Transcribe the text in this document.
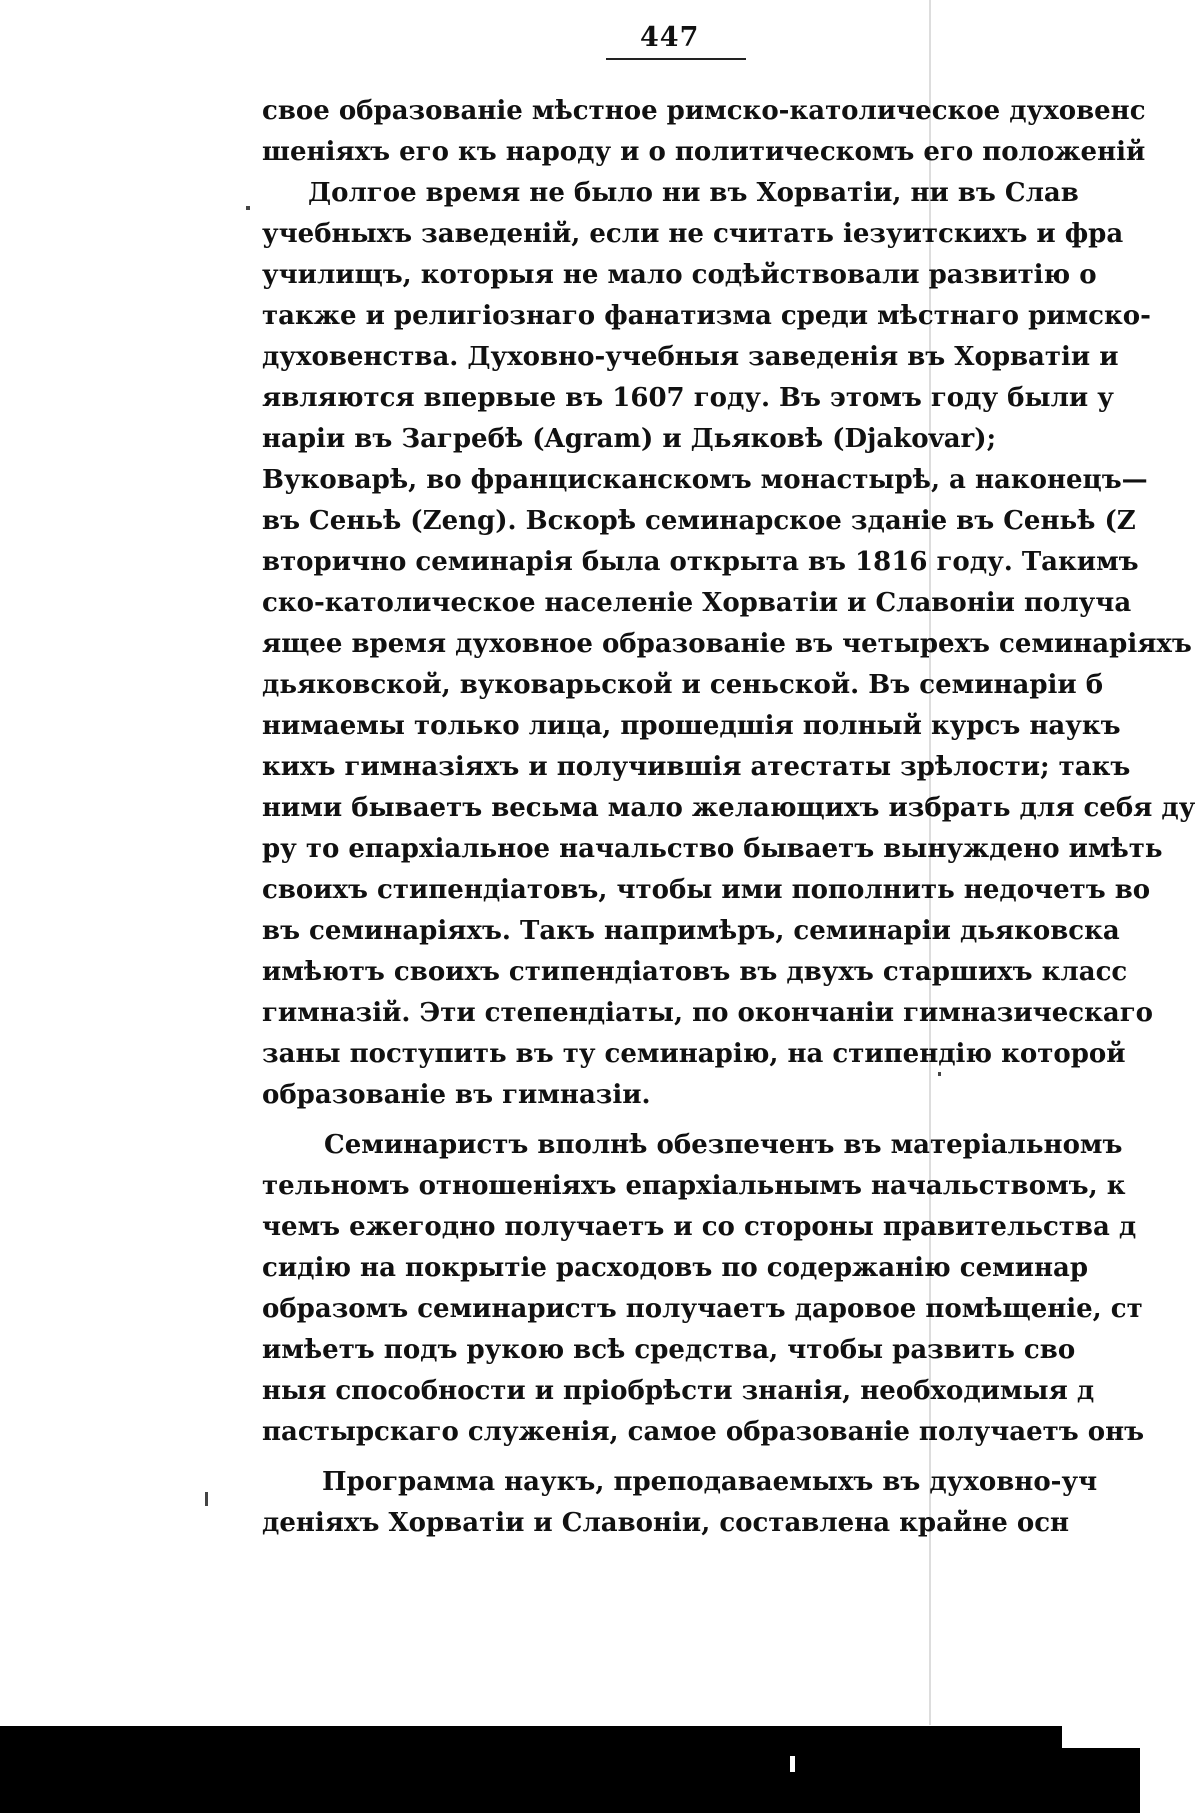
447
свое образованіе мѣстное римско-католическое духовенс
шеніяхъ его къ народу и о политическомъ его положеній
Долгое время не было ни въ Хорватіи, ни въ Слав
учебныхъ заведеній, если не считать іезуитскихъ и фра
училищъ, которыя не мало содѣйствовали развитію о
также и религіознаго фанатизма среди мѣстнаго римско-
духовенства. Духовно-учебныя заведенія въ Хорватіи и
являются впервые въ 1607 году. Въ этомъ году были у
наріи въ Загребѣ (Agram) и Дьяковѣ (Djakovar);
Вуковарѣ, во францисканскомъ монастырѣ, а наконецъ—
въ Сеньѣ (Zeng). Вскорѣ семинарское зданіе въ Сеньѣ (Z
вторично семинарія была открыта въ 1816 году. Такимъ
ско-католическое населеніе Хорватіи и Славоніи получа
ящее время духовное образованіе въ четырехъ семинаріяхъ
дьяковской, вуковарьской и сеньской. Въ семинаріи б
нимаемы только лица, прошедшія полный курсъ наукъ
кихъ гимназіяхъ и получившія атестаты зрѣлости; такъ
ними бываетъ весьма мало желающихъ избрать для себя ду
ру то епархіальное начальство бываетъ вынуждено имѣть
своихъ стипендіатовъ, чтобы ими пополнить недочетъ во
въ семинаріяхъ. Такъ напримѣръ, семинаріи дьяковска
имѣютъ своихъ стипендіатовъ въ двухъ старшихъ класс
гимназій. Эти степендіаты, по окончаніи гимназическаго
заны поступить въ ту семинарію, на стипендію которой
образованіе въ гимназіи.
Семинаристъ вполнѣ обезпеченъ въ матеріальномъ
тельномъ отношеніяхъ епархіальнымъ начальствомъ, к
чемъ ежегодно получаетъ и со стороны правительства д
сидію на покрытіе расходовъ по содержанію семинар
образомъ семинаристъ получаетъ даровое помѣщеніе, ст
имѣетъ подъ рукою всѣ средства, чтобы развить сво
ныя способности и пріобрѣсти знанія, необходимыя д
пастырскаго служенія, самое образованіе получаетъ онъ
Программа наукъ, преподаваемыхъ въ духовно-уч
деніяхъ Хорватіи и Славоніи, составлена крайне осн
